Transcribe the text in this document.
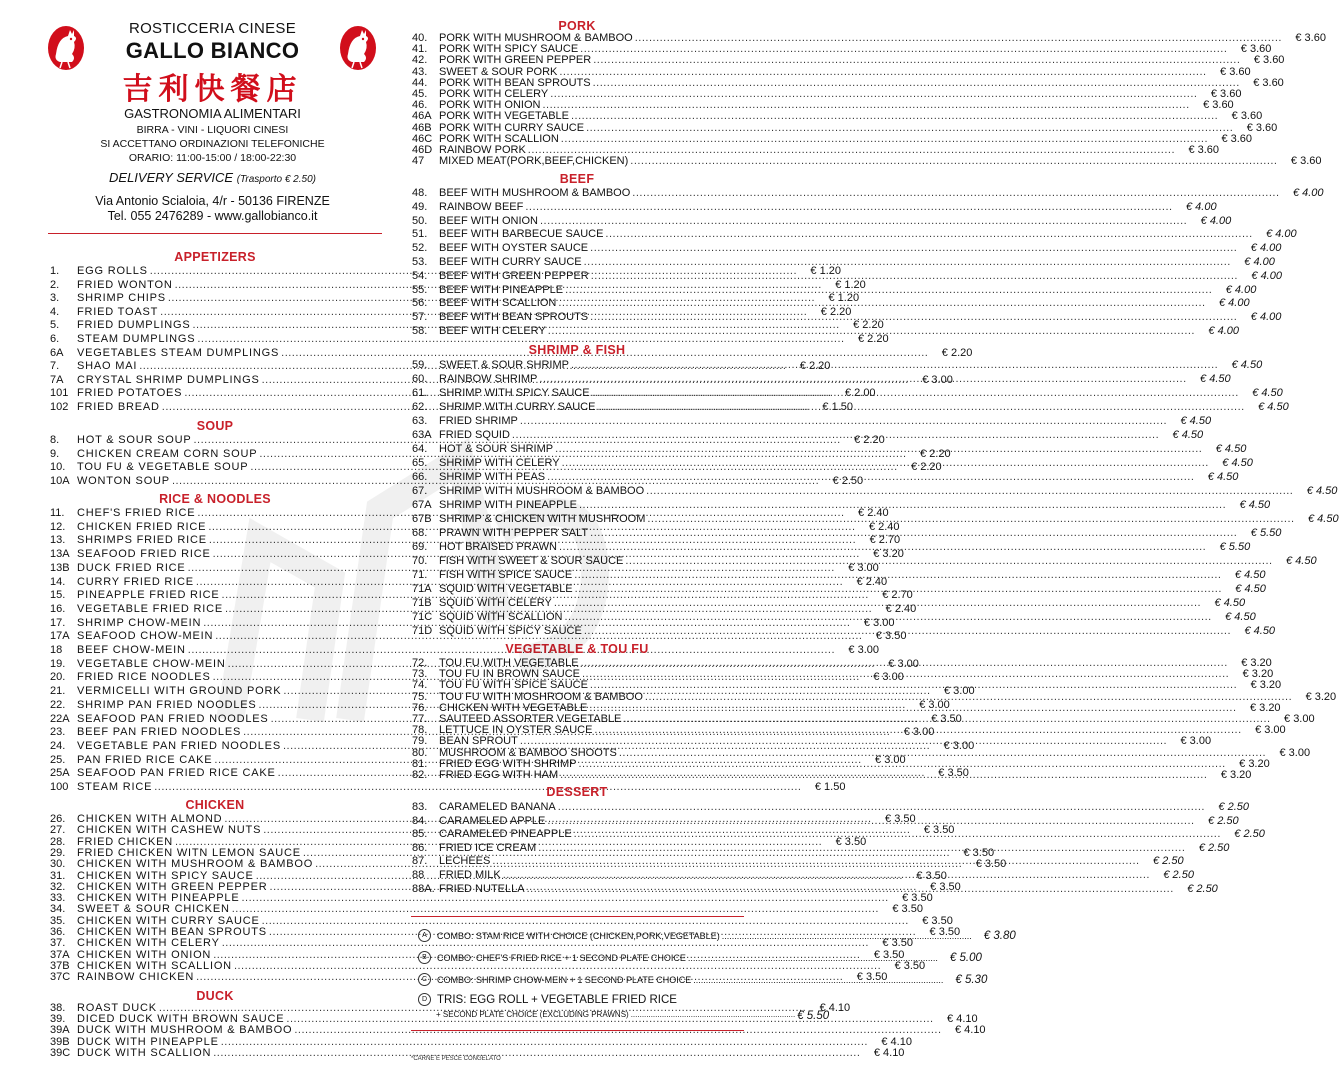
ROSTICCERIA CINESE
GALLO BIANCO
吉利快餐店
GASTRONOMIA ALIMENTARI
BIRRA - VINI - LIQUORI CINESI
SI ACCETTANO ORDINAZIONI TELEFONICHE
ORARIO: 11:00-15:00 / 18:00-22:30
DELIVERY SERVICE (Trasporto € 2.50)
Via Antonio Scialoia, 4/r - 50136 FIRENZE
Tel. 055 2476289 - www.gallobianco.it
APPETIZERS
1.	EGG ROLLS .....	€ 1.20
2.	FRIED WONTON .....	€ 1.20
3.	SHRIMP CHIPS .....	€ 1.20
4.	FRIED TOAST .....	€ 2.20
5.	FRIED DUMPLINGS .....	€ 2.20
6.	STEAM DUMPLINGS .....	€ 2.20
6A	VEGETABLES STEAM DUMPLINGS .....	€ 2.20
7.	SHAO MAI .....	€ 2.20
7A	CRYSTAL SHRIMP DUMPLINGS .....	€ 3.00
101 FRIED POTATOES .....	€ 2.00
102 FRIED BREAD .....	€ 1.50
SOUP
8.	HOT & SOUR SOUP .....	€ 2.20
9.	CHICKEN CREAM CORN SOUP .....	€ 2.20
10.	TOU FU & VEGETABLE SOUP .....	€ 2.20
10A WONTON SOUP .....	€ 2.50
RICE & NOODLES
11.	CHEF'S FRIED RICE .....	€ 2.40
12.	CHICKEN FRIED RICE .....	€ 2.40
13.	SHRIMPS FRIED RICE .....	€ 2.70
13A SEAFOOD FRIED RICE .....	€ 3.20
13B DUCK FRIED RICE .....	€ 3.00
14.	CURRY FRIED RICE .....	€ 2.40
15.	PINEAPPLE FRIED RICE .....	€ 2.70
16.	VEGETABLE FRIED RICE .....	€ 2.40
17.	SHRIMP CHOW-MEIN .....	€ 3.00
17A SEAFOOD CHOW-MEIN .....	€ 3.50
18	BEEF CHOW-MEIN .....	€ 3.00
19.	VEGETABLE CHOW-MEIN .....	€ 3.00
20.	FRIED RICE NOODLES .....	€ 3.00
21.	VERMICELLI WITH GROUND PORK .....	€ 3.00
22.	SHRIMP PAN FRIED NOODLES .....	€ 3.00
22A SEAFOOD PAN FRIED NOODLES .....	€ 3.50
23.	BEEF PAN FRIED NOODLES .....	€ 3.00
24.	VEGETABLE PAN FRIED NOODLES .....	€ 3.00
25.	PAN FRIED RICE CAKE .....	€ 3.00
25A SEAFOOD PAN FRIED RICE CAKE .....	€ 3.50
100 STEAM RICE .....	€ 1.50
CHICKEN
26.	CHICKEN WITH ALMOND .....	€ 3.50
27.	CHICKEN WITH CASHEW NUTS .....	€ 3.50
28.	FRIED CHICKEN .....	€ 3.50
29.	FRIED CHICKEN WITN LEMON SAUCE .....	€ 3.50
30.	CHICKEN WITH MUSHROOM & BAMBOO .....	€ 3.50
31.	CHICKEN WITH SPICY SAUCE .....	€ 3.50
32.	CHICKEN WITH GREEN PEPPER .....	€ 3.50
33.	CHICKEN WITH PINEAPPLE .....	€ 3.50
34.	SWEET & SOUR CHICKEN .....	€ 3.50
35.	CHICKEN WITH CURRY SAUCE .....	€ 3.50
36.	CHICKEN WITH BEAN SPROUTS .....	€ 3.50
37.	CHICKEN WITH CELERY .....	€ 3.50
37A CHICKEN WITH ONION .....	€ 3.50
37B CHICKEN WITH SCALLION .....	€ 3.50
37C RAINBOW CHICKEN .....	€ 3.50
DUCK
38.	ROAST DUCK .....	€ 4.10
39.	DICED DUCK WITH BROWN SAUCE .....	€ 4.10
39A DUCK WITH MUSHROOM & BAMBOO .....	€ 4.10
39B DUCK WITH PINEAPPLE .....	€ 4.10
39C DUCK WITH SCALLION .....	€ 4.10
PORK
40.	PORK WITH MUSHROOM & BAMBOO .....	€ 3.60
41.	PORK WITH SPICY SAUCE .....	€ 3.60
42.	PORK WITH GREEN PEPPER .....	€ 3.60
43.	SWEET & SOUR PORK .....	€ 3.60
44.	PORK WITH BEAN SPROUTS .....	€ 3.60
45.	PORK WITH CELERY .....	€ 3.60
46.	PORK WITH ONION .....	€ 3.60
46A PORK WITH VEGETABLE .....	€ 3.60
46B PORK WITH CURRY SAUCE .....	€ 3.60
46C PORK WITH SCALLION .....	€ 3.60
46D RAINBOW PORK .....	€ 3.60
47	MIXED MEAT(PORK,BEEF,CHICKEN) .....	€ 3.60
BEEF
48.	BEEF WITH MUSHROOM & BAMBOO .....	€ 4.00
49.	RAINBOW BEEF .....	€ 4.00
50.	BEEF WITH ONION .....	€ 4.00
51.	BEEF WITH BARBECUE SAUCE .....	€ 4.00
52.	BEEF WITH OYSTER SAUCE .....	€ 4.00
53.	BEEF WITH CURRY SAUCE .....	€ 4.00
54.	BEEF WITH GREEN PEPPER .....	€ 4.00
55.	BEEF WITH PINEAPPLE .....	€ 4.00
56.	BEEF WITH SCALLION .....	€ 4.00
57.	BEEF WITH BEAN SPROUTS .....	€ 4.00
58.	BEEF WITH CELERY .....	€ 4.00
SHRIMP & FISH
59.	SWEET & SOUR SHRIMP .....	€ 4.50
60.	RAINBOW SHRIMP .....	€ 4.50
61.	SHRIMP WITH SPICY SAUCE .....	€ 4.50
62.	SHRIMP WITH CURRY SAUCE .....	€ 4.50
63.	FRIED SHRIMP .....	€ 4.50
63A FRIED SQUID .....	€ 4.50
64.	HOT & SOUR SHRIMP .....	€ 4.50
65.	SHRIMP WITH CELERY .....	€ 4.50
66.	SHRIMP WITH PEAS .....	€ 4.50
67.	SHRIMP WITH MUSHROOM & BAMBOO .....	€ 4.50
67A SHRIMP WITH PINEAPPLE .....	€ 4.50
67B SHRIMP & CHICKEN WITH MUSHROOM .....	€ 4.50
68.	PRAWN WITH PEPPER SALT .....	€ 5.50
69.	HOT BRAISED PRAWN .....	€ 5.50
70.	FISH WITH SWEET & SOUR SAUCE .....	€ 4.50
71.	FISH WITH SPICE SAUCE .....	€ 4.50
71A SQUID WITH VEGETABLE .....	€ 4.50
71B SQUID WITH CELERY .....	€ 4.50
71C SQUID WITH SCALLION .....	€ 4.50
71D SQUID WITH SPICY SAUCE .....	€ 4.50
VEGETABLE & TOU FU
72.	TOU FU WITH VEGETABLE .....	€ 3.20
73.	TOU FU IN BROWN SAUCE .....	€ 3.20
74.	TOU FU WITH SPICE SAUCE .....	€ 3.20
75.	TOU FU WITH MOSHROOM & BAMBOO .....	€ 3.20
76.	CHICKEN WITH VEGETABLE .....	€ 3.20
77.	SAUTEED ASSORTER VEGETABLE .....	€ 3.00
78.	LETTUCE IN OYSTER SAUCE .....	€ 3.00
79.	BEAN SPROUT .....	€ 3.00
80.	MUSHROOM & BAMBOO SHOOTS .....	€ 3.00
81.	FRIED EGG WITH SHRIMP .....	€ 3.20
82.	FRIED EGG WITH HAM .....	€ 3.20
DESSERT
83.	CARAMELED BANANA .....	€ 2.50
84.	CARAMELED APPLE .....	€ 2.50
85.	CARAMELED PINEAPPLE .....	€ 2.50
86.	FRIED ICE CREAM .....	€ 2.50
87.	LECHEES .....	€ 2.50
88	FRIED MILK .....	€ 2.50
88A. FRIED NUTELLA .....	€ 2.50
A	COMBO: STAM RICE WITH CHOICE (CHICKEN,PORK,VEGETABLE) .....	€ 3.80
B	COMBO: CHEF'S FRIED RICE + 1 SECOND PLATE CHOICE .....	€ 5.00
C	COMBO: SHRIMP CHOW-MEIN + 1 SECOND PLATE CHOICE .....	€ 5.30
D TRIS: EGG ROLL + VEGETABLE FRIED RICE
+ SECOND PLATE CHOICE (EXCLUDING PRAWNS) .....	€ 5.50
*CARNE E PESCE CONGELATO
